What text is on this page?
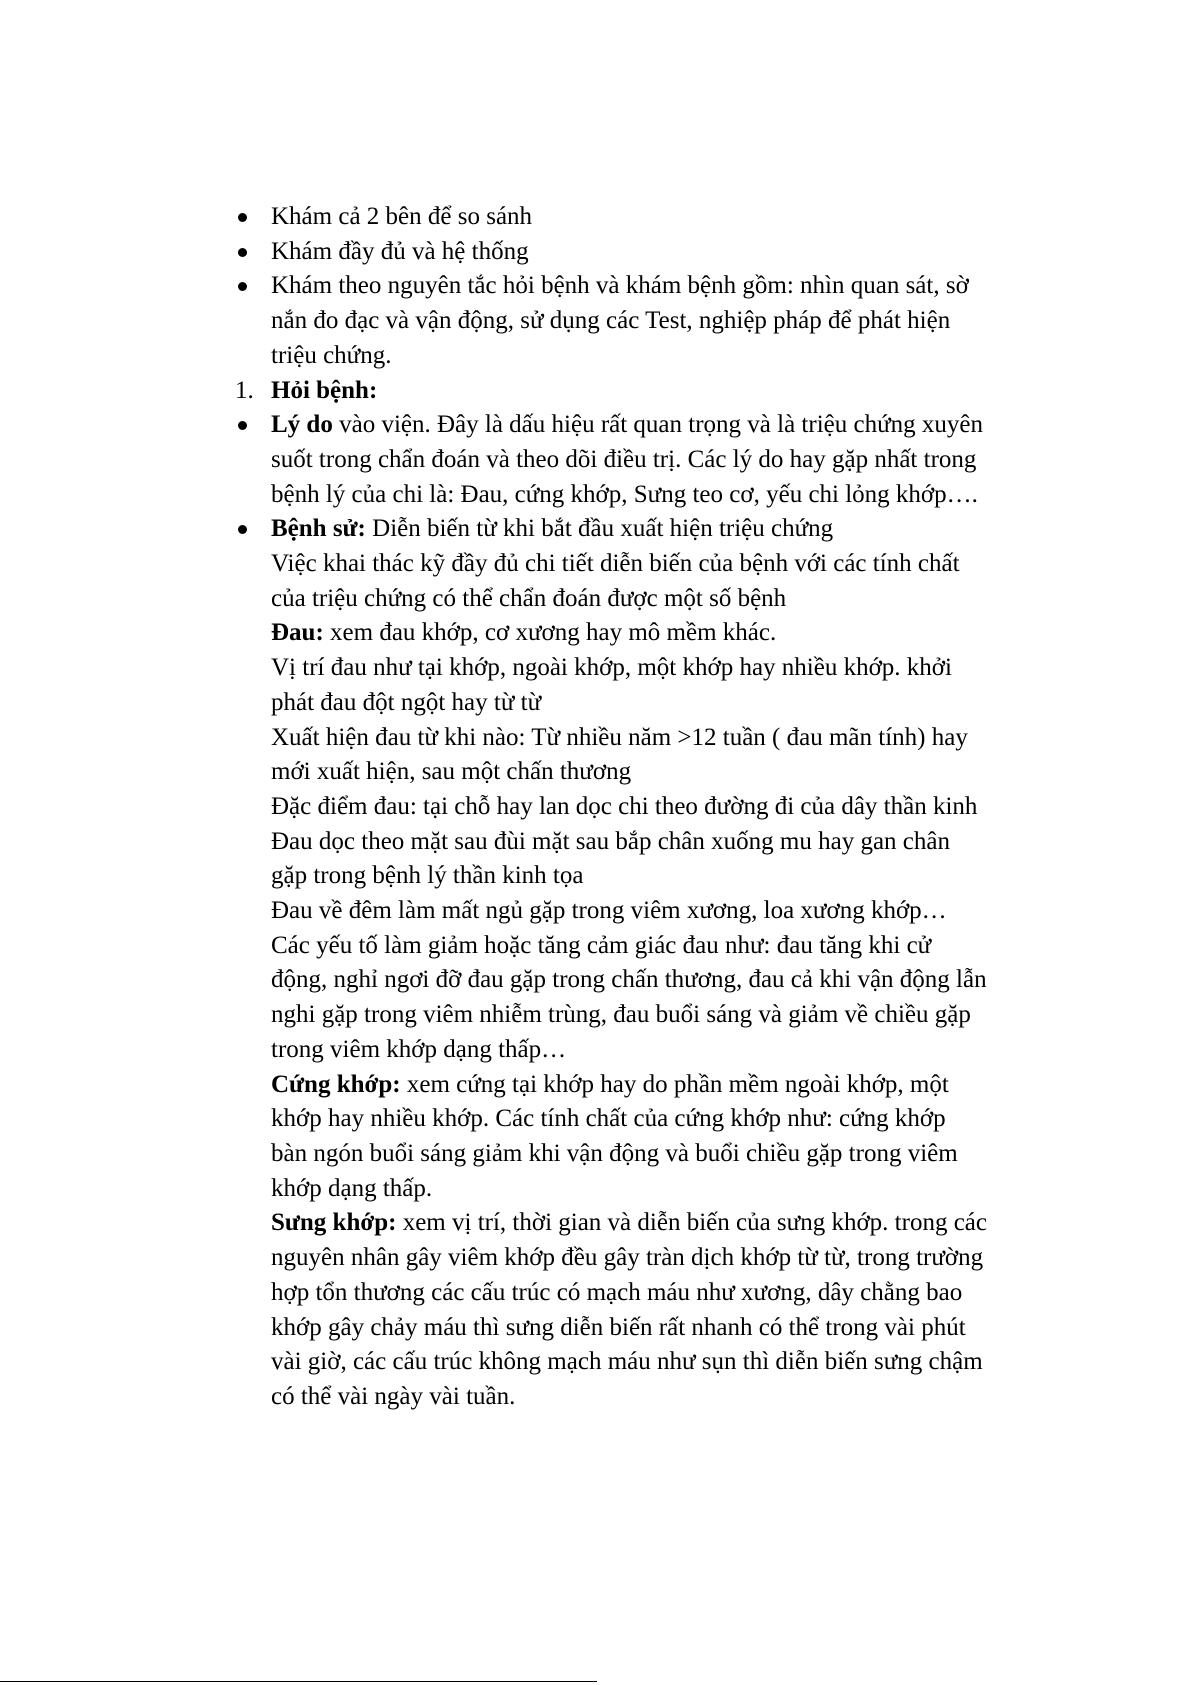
Khám cả 2 bên để so sánh
Khám đầy đủ và hệ thống
Khám theo nguyên tắc hỏi bệnh và khám bệnh gồm: nhìn quan sát, sờ
nắn đo đạc và vận động, sử dụng các Test, nghiệp pháp để phát hiện
triệu chứng.
1. Hỏi bệnh:
Lý do vào viện. Đây là dấu hiệu rất quan trọng và là triệu chứng xuyên
suốt trong chẩn đoán và theo dõi điều trị. Các lý do hay gặp nhất trong
bệnh lý của chi là: Đau, cứng khớp, Sưng teo cơ, yếu chi lỏng khớp….
Bệnh sử: Diễn biến từ khi bắt đầu xuất hiện triệu chứng
Việc khai thác kỹ đầy đủ chi tiết diễn biến của bệnh với các tính chất
của triệu chứng có thể chẩn đoán được một số bệnh
Đau: xem đau khớp, cơ xương hay mô mềm khác.
Vị trí đau như tại khớp, ngoài khớp, một khớp hay nhiều khớp. khởi
phát đau đột ngột hay từ từ
Xuất hiện đau từ khi nào: Từ nhiều năm >12 tuần ( đau mãn tính) hay
mới xuất hiện, sau một chấn thương
Đặc điểm đau: tại chỗ hay lan dọc chi theo đường đi của dây thần kinh
Đau dọc theo mặt sau đùi mặt sau bắp chân xuống mu hay gan chân
gặp trong bệnh lý thần kinh tọa
Đau về đêm làm mất ngủ gặp trong viêm xương, loa xương khớp…
Các yếu tố làm giảm hoặc tăng cảm giác đau như: đau tăng khi cử
động, nghỉ ngơi đỡ đau gặp trong chấn thương, đau cả khi vận động lẫn
nghi gặp trong viêm nhiễm trùng, đau buổi sáng và giảm về chiều gặp
trong viêm khớp dạng thấp…
Cứng khớp: xem cứng tại khớp hay do phần mềm ngoài khớp, một
khớp hay nhiều khớp. Các tính chất của cứng khớp như: cứng khớp
bàn ngón buổi sáng giảm khi vận động và buổi chiều gặp trong viêm
khớp dạng thấp.
Sưng khớp: xem vị trí, thời gian và diễn biến của sưng khớp. trong các
nguyên nhân gây viêm khớp đều gây tràn dịch khớp từ từ, trong trường
hợp tổn thương các cấu trúc có mạch máu như xương, dây chằng bao
khớp gây chảy máu thì sưng diễn biến rất nhanh có thể trong vài phút
vài giờ, các cấu trúc không mạch máu như sụn thì diễn biến sưng chậm
có thể vài ngày vài tuần.
